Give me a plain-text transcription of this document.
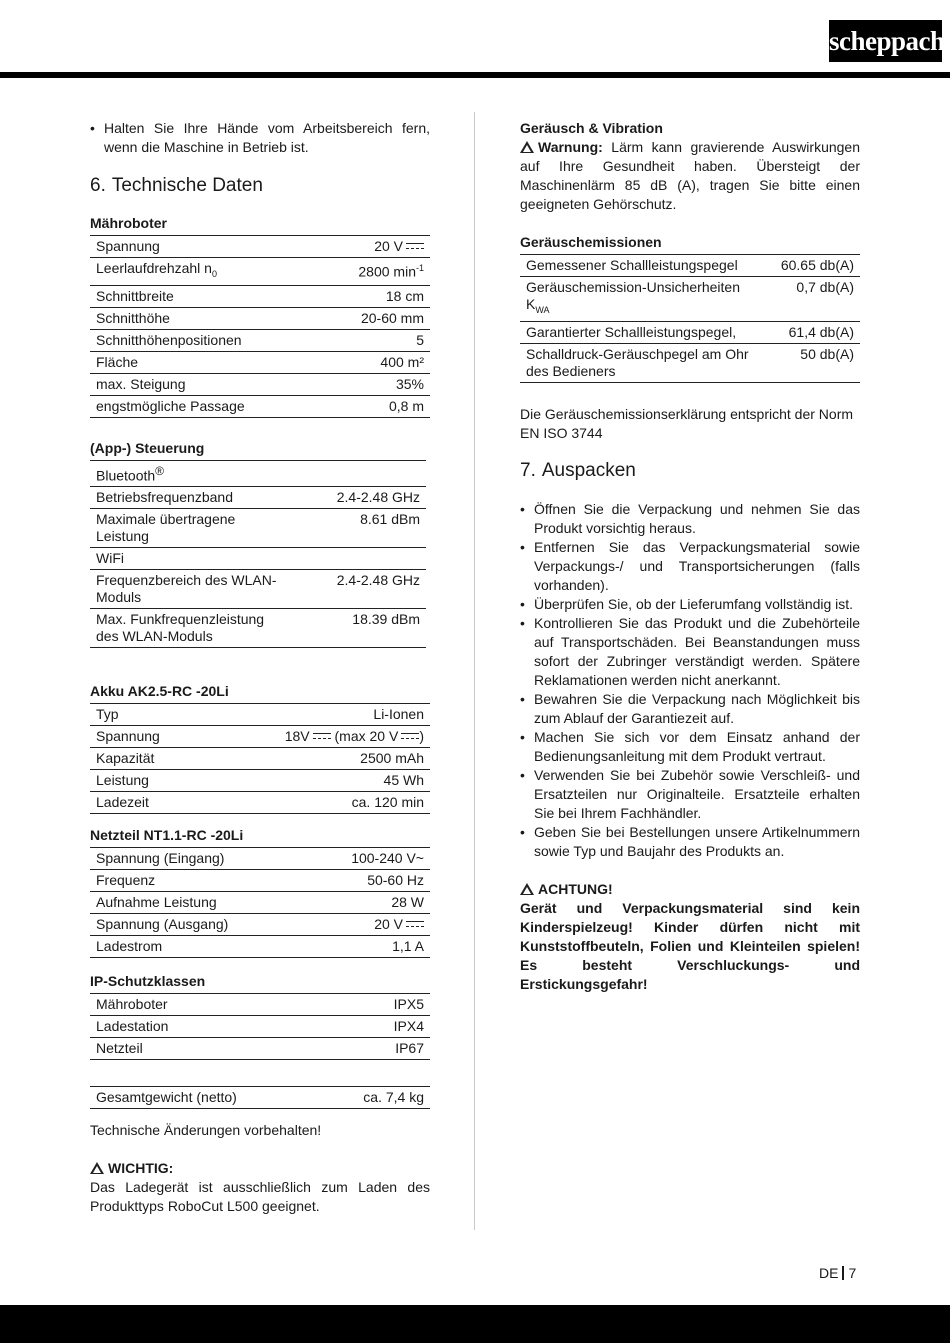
scheppach
• Halten Sie Ihre Hände vom Arbeitsbereich fern, wenn die Maschine in Betrieb ist.
6. Technische Daten
Mähroboter
Spannung	20 V
Leerlaufdrehzahl $n_0$	2800 $\min^{-1}$
Schnittbreite	18 cm
Schnitthöhe	20-60 mm
Schnitthöhenpositionen	5
Fläche	400 m²
max. Steigung	35%
engstmögliche Passage	0,8 m
(App-) Steuerung
Bluetooth®	
Betriebsfrequenzband	2.4-2.48 GHz
Maximale übertragene Leistung	8.61 dBm
WiFi	
Frequenzbereich des WLAN-Moduls	2.4-2.48 GHz
Max. Funkfrequenzleistung des WLAN-Moduls	18.39 dBm
Akku AK2.5-RC -20Li
Typ	Li-Ionen
Spannung	18V (max 20 V )
Kapazität	2500 mAh
Leistung	45 Wh
Ladezeit	ca. 120 min
Netzteil NT1.1-RC -20Li
Spannung (Eingang)	100-240 V~
Frequenz	50-60 Hz
Aufnahme Leistung	28 W
Spannung (Ausgang)	20 V
Ladestrom	1,1 A
IP-Schutzklassen
Mähroboter	IPX5
Ladestation	IPX4
Netzteil	IP67
Gesamtgewicht (netto)	ca. 7,4 kg

Technische Änderungen vorbehalten!

WICHTIG:

Das Ladegerät ist ausschließlich zum Laden des Produkttyps RoboCut L500 geeignet.

Geräusch & Vibration

Warnung: Lärm kann gravierende Auswirkungen auf Ihre Gesundheit haben. Übersteigt der Maschinenlärm 85 dB (A), tragen Sie bitte einen geeigneten Gehörschutz.

Geräuschemissionen
Gemessener Schallleistungspegel	60.65 db(A)
Geräuschemission-Unsicherheiten $K_{WA}$	0,7 db(A)
Garantierter Schallleistungspegel,	61,4 db(A)
Schalldruck-Geräuschpegel am Ohr des Bedieners	50 db(A)

Die Geräuschemissionserklärung entspricht der Norm EN ISO 3744

7. Auspacken
• Öffnen Sie die Verpackung und nehmen Sie das Produkt vorsichtig heraus.
• Entfernen Sie das Verpackungsmaterial sowie Verpackungs-/ und Transportsicherungen (falls vorhanden).
• Überprüfen Sie, ob der Lieferumfang vollständig ist.
• Kontrollieren Sie das Produkt und die Zubehörteile auf Transportschäden. Bei Beanstandungen muss sofort der Zubringer verständigt werden. Spätere Reklamationen werden nicht anerkannt.
• Bewahren Sie die Verpackung nach Möglichkeit bis zum Ablauf der Garantiezeit auf.
• Machen Sie sich vor dem Einsatz anhand der Bedienungsanleitung mit dem Produkt vertraut.
• Verwenden Sie bei Zubehör sowie Verschleiß- und Ersatzteilen nur Originalteile. Ersatzteile erhalten Sie bei Ihrem Fachhändler.
• Geben Sie bei Bestellungen unsere Artikelnummern sowie Typ und Baujahr des Produkts an.

ACHTUNG!

Gerät und Verpackungsmaterial sind kein Kinderspielzeug! Kinder dürfen nicht mit Kunststoffbeuteln, Folien und Kleinteilen spielen! Es besteht Verschluckungs- und Erstickungsgefahr!

DE 7
